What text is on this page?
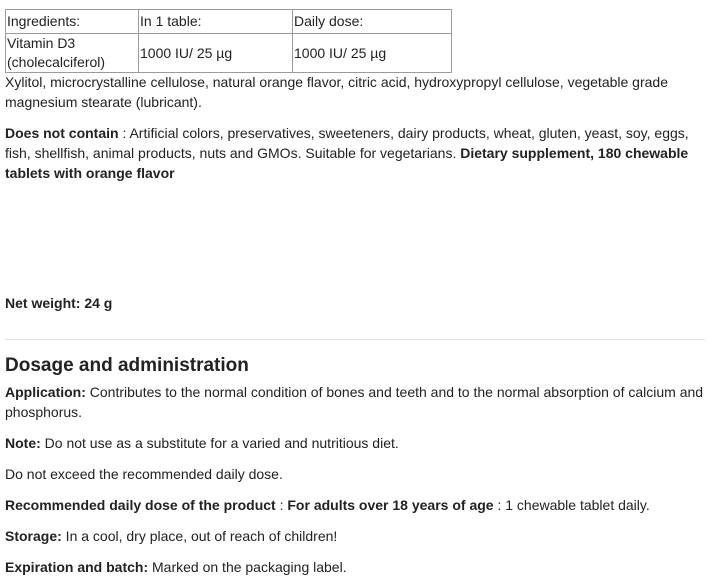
Ingredients:	In 1 table:	Daily dose:

Vitamin D3
(cholecalciferol)	1000 IU/ 25 µg	1000 IU/ 25 µg

Xylitol, microcrystalline cellulose, natural orange flavor, citric acid, hydroxypropyl cellulose, vegetable grade magnesium stearate (lubricant).

Does not contain : Artificial colors, preservatives, sweeteners, dairy products, wheat, gluten, yeast, soy, eggs, fish, shellfish, animal products, nuts and GMOs. Suitable for vegetarians. Dietary supplement, 180 chewable tablets with orange flavor

Net weight: 24 g

Dosage and administration

Application: Contributes to the normal condition of bones and teeth and to the normal absorption of calcium and phosphorus.

Note: Do not use as a substitute for a varied and nutritious diet.

Do not exceed the recommended daily dose.

Recommended daily dose of the product : For adults over 18 years of age : 1 chewable tablet daily.

Storage: In a cool, dry place, out of reach of children!

Expiration and batch: Marked on the packaging label.
